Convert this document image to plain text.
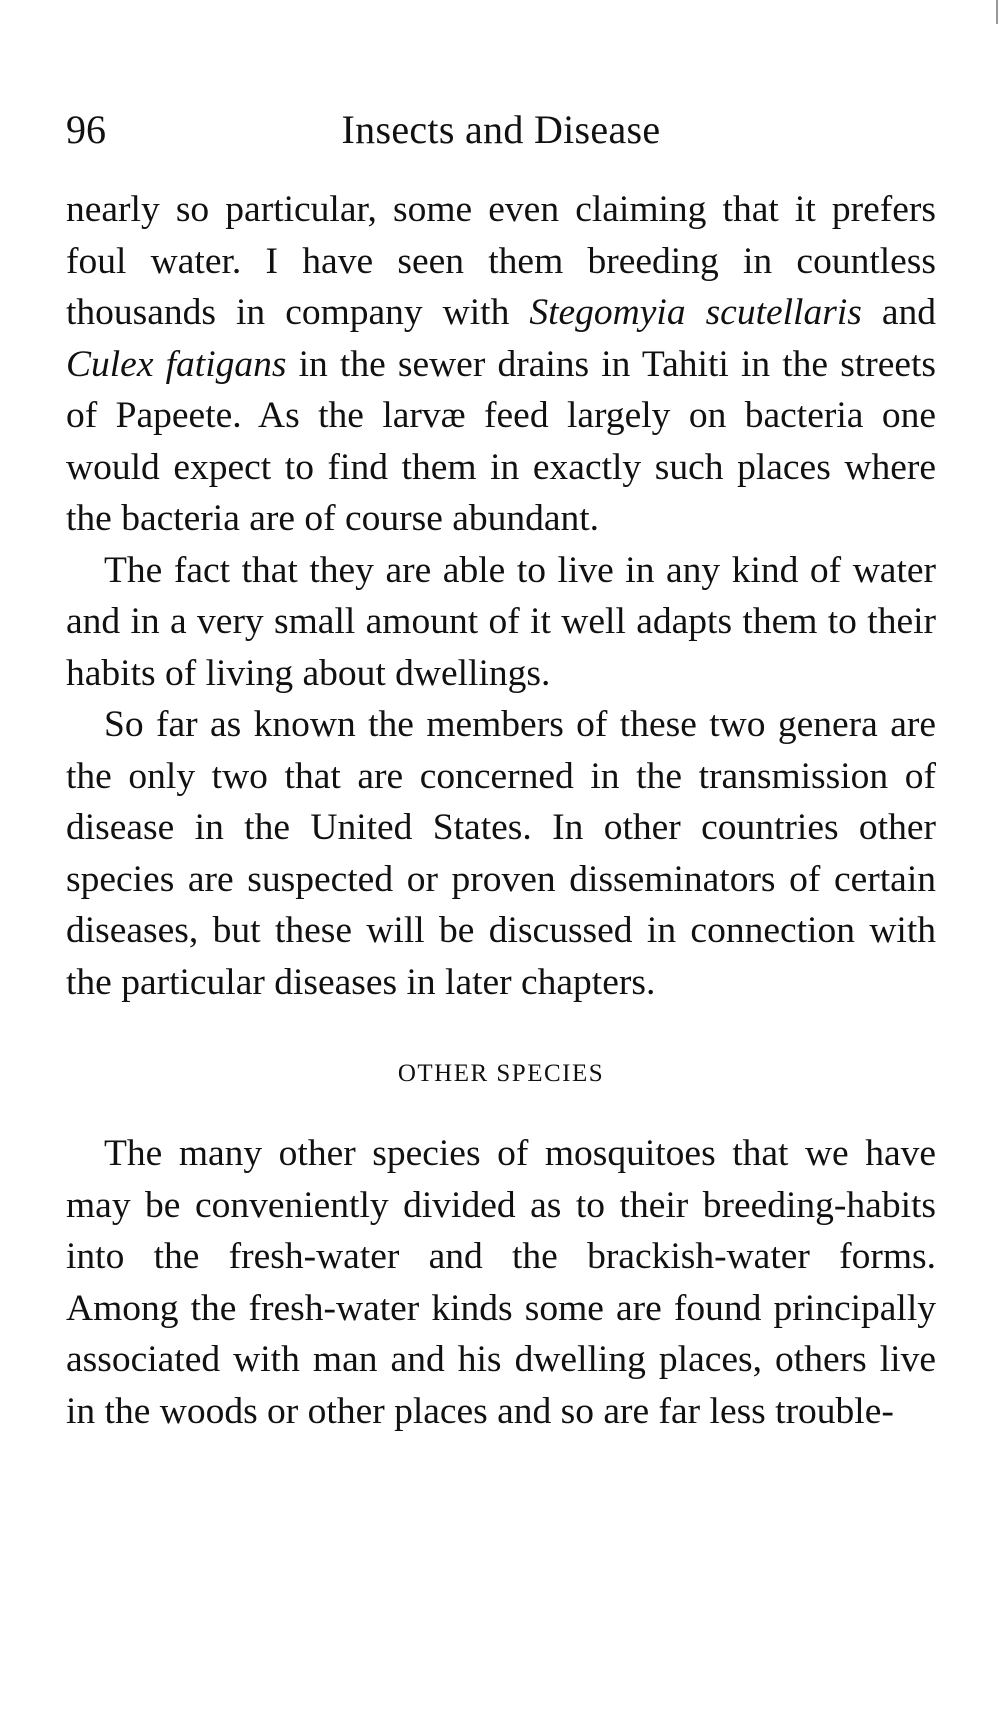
96	Insects and Disease

nearly so particular, some even claiming that it prefers foul water. I have seen them breeding in countless thousands in company with Stegomyia scutellaris and Culex fatigans in the sewer drains in Tahiti in the streets of Papeete. As the larvæ feed largely on bacteria one would expect to find them in exactly such places where the bacteria are of course abundant.

The fact that they are able to live in any kind of water and in a very small amount of it well adapts them to their habits of living about dwellings.

So far as known the members of these two genera are the only two that are concerned in the transmission of disease in the United States. In other countries other species are suspected or proven disseminators of certain diseases, but these will be discussed in connection with the particular diseases in later chapters.

OTHER SPECIES

The many other species of mosquitoes that we have may be conveniently divided as to their breeding-habits into the fresh-water and the brackish-water forms. Among the fresh-water kinds some are found principally associated with man and his dwelling places, others live in the woods or other places and so are far less trouble-
